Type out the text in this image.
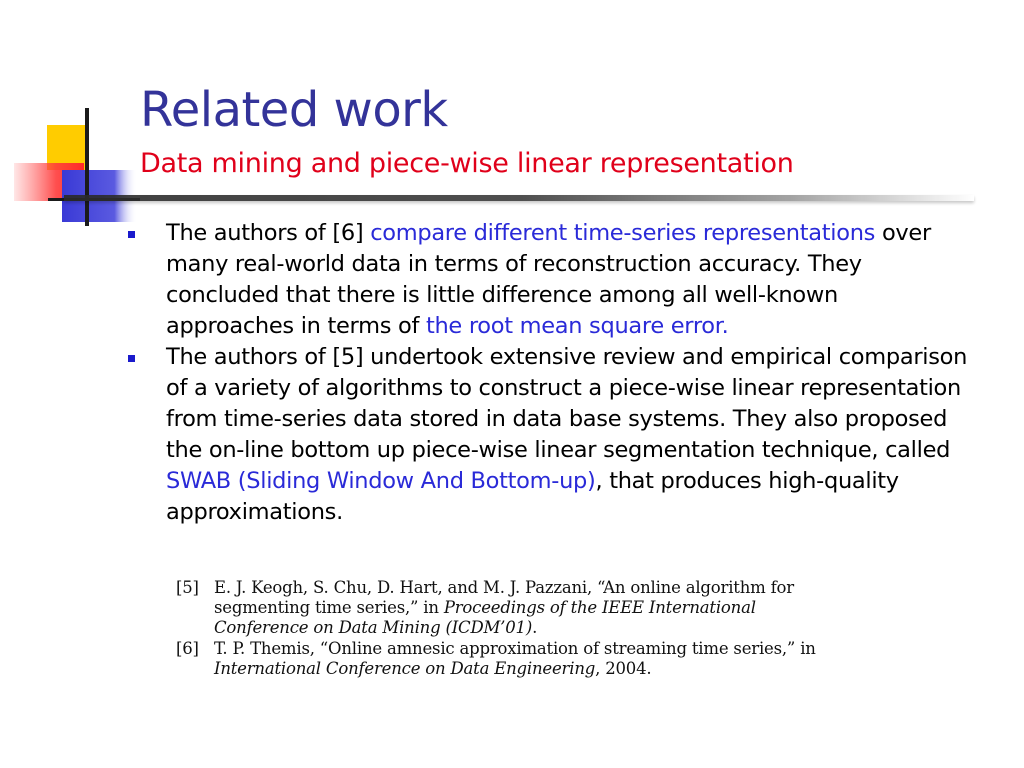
Related work
Data mining and piece-wise linear representation
The authors of [6] compare different time-series representations over many real-world data in terms of reconstruction accuracy. They concluded that there is little difference among all well-known approaches in terms of the root mean square error.
The authors of [5] undertook extensive review and empirical comparison of a variety of algorithms to construct a piece-wise linear representation from time-series data stored in data base systems. They also proposed the on-line bottom up piece-wise linear segmentation technique, called SWAB (Sliding Window And Bottom-up), that produces high-quality approximations.
[5] E. J. Keogh, S. Chu, D. Hart, and M. J. Pazzani, “An online algorithm for segmenting time series,” in Proceedings of the IEEE International Conference on Data Mining (ICDM’01).
[6] T. P. Themis, “Online amnesic approximation of streaming time series,” in International Conference on Data Engineering, 2004.
